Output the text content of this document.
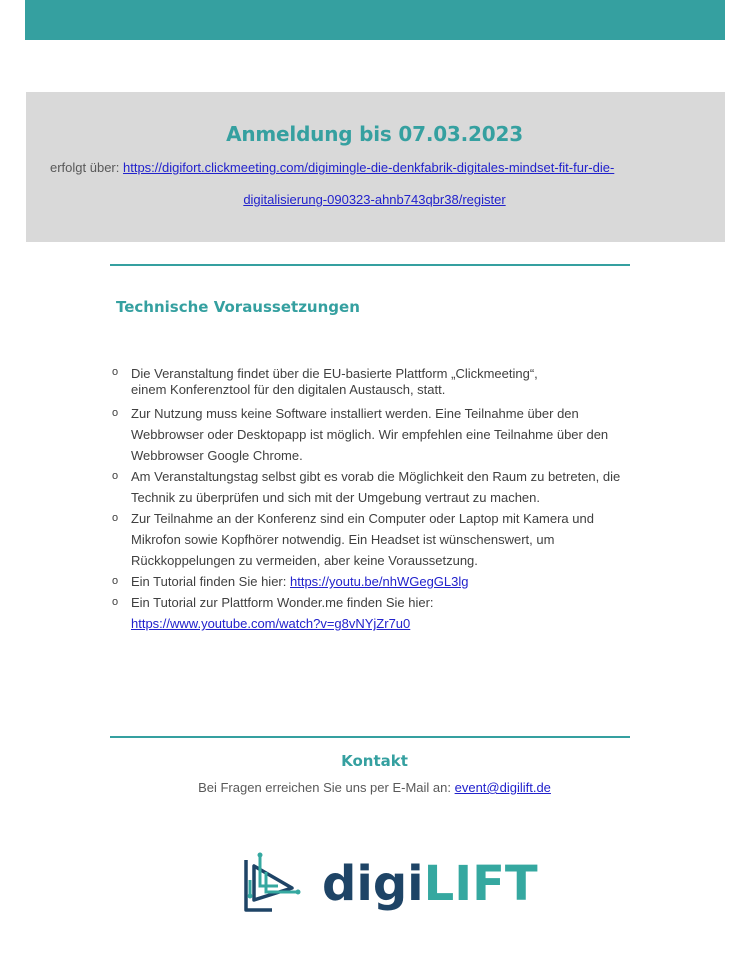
Anmeldung bis 07.03.2023
erfolgt über: https://digifort.clickmeeting.com/digimingle-die-denkfabrik-digitales-mindset-fit-fur-die-
digitalisierung-090323-ahnb743qbr38/register
Technische Voraussetzungen
o Die Veranstaltung findet über die EU-basierte Plattform „Clickmeeting“,
einem Konferenztool für den digitalen Austausch, statt.
o Zur Nutzung muss keine Software installiert werden. Eine Teilnahme über den Webbrowser oder Desktopapp ist möglich. Wir empfehlen eine Teilnahme über den Webbrowser Google Chrome.
o Am Veranstaltungstag selbst gibt es vorab die Möglichkeit den Raum zu betreten, die Technik zu überprüfen und sich mit der Umgebung vertraut zu machen.
o Zur Teilnahme an der Konferenz sind ein Computer oder Laptop mit Kamera und Mikrofon sowie Kopfhörer notwendig. Ein Headset ist wünschenswert, um Rückkoppelungen zu vermeiden, aber keine Voraussetzung.
o Ein Tutorial finden Sie hier: https://youtu.be/nhWGegGL3lg
o Ein Tutorial zur Plattform Wonder.me finden Sie hier:
https://www.youtube.com/watch?v=g8vNYjZr7u0
Kontakt
Bei Fragen erreichen Sie uns per E-Mail an: event@digilift.de
digiLIFT
